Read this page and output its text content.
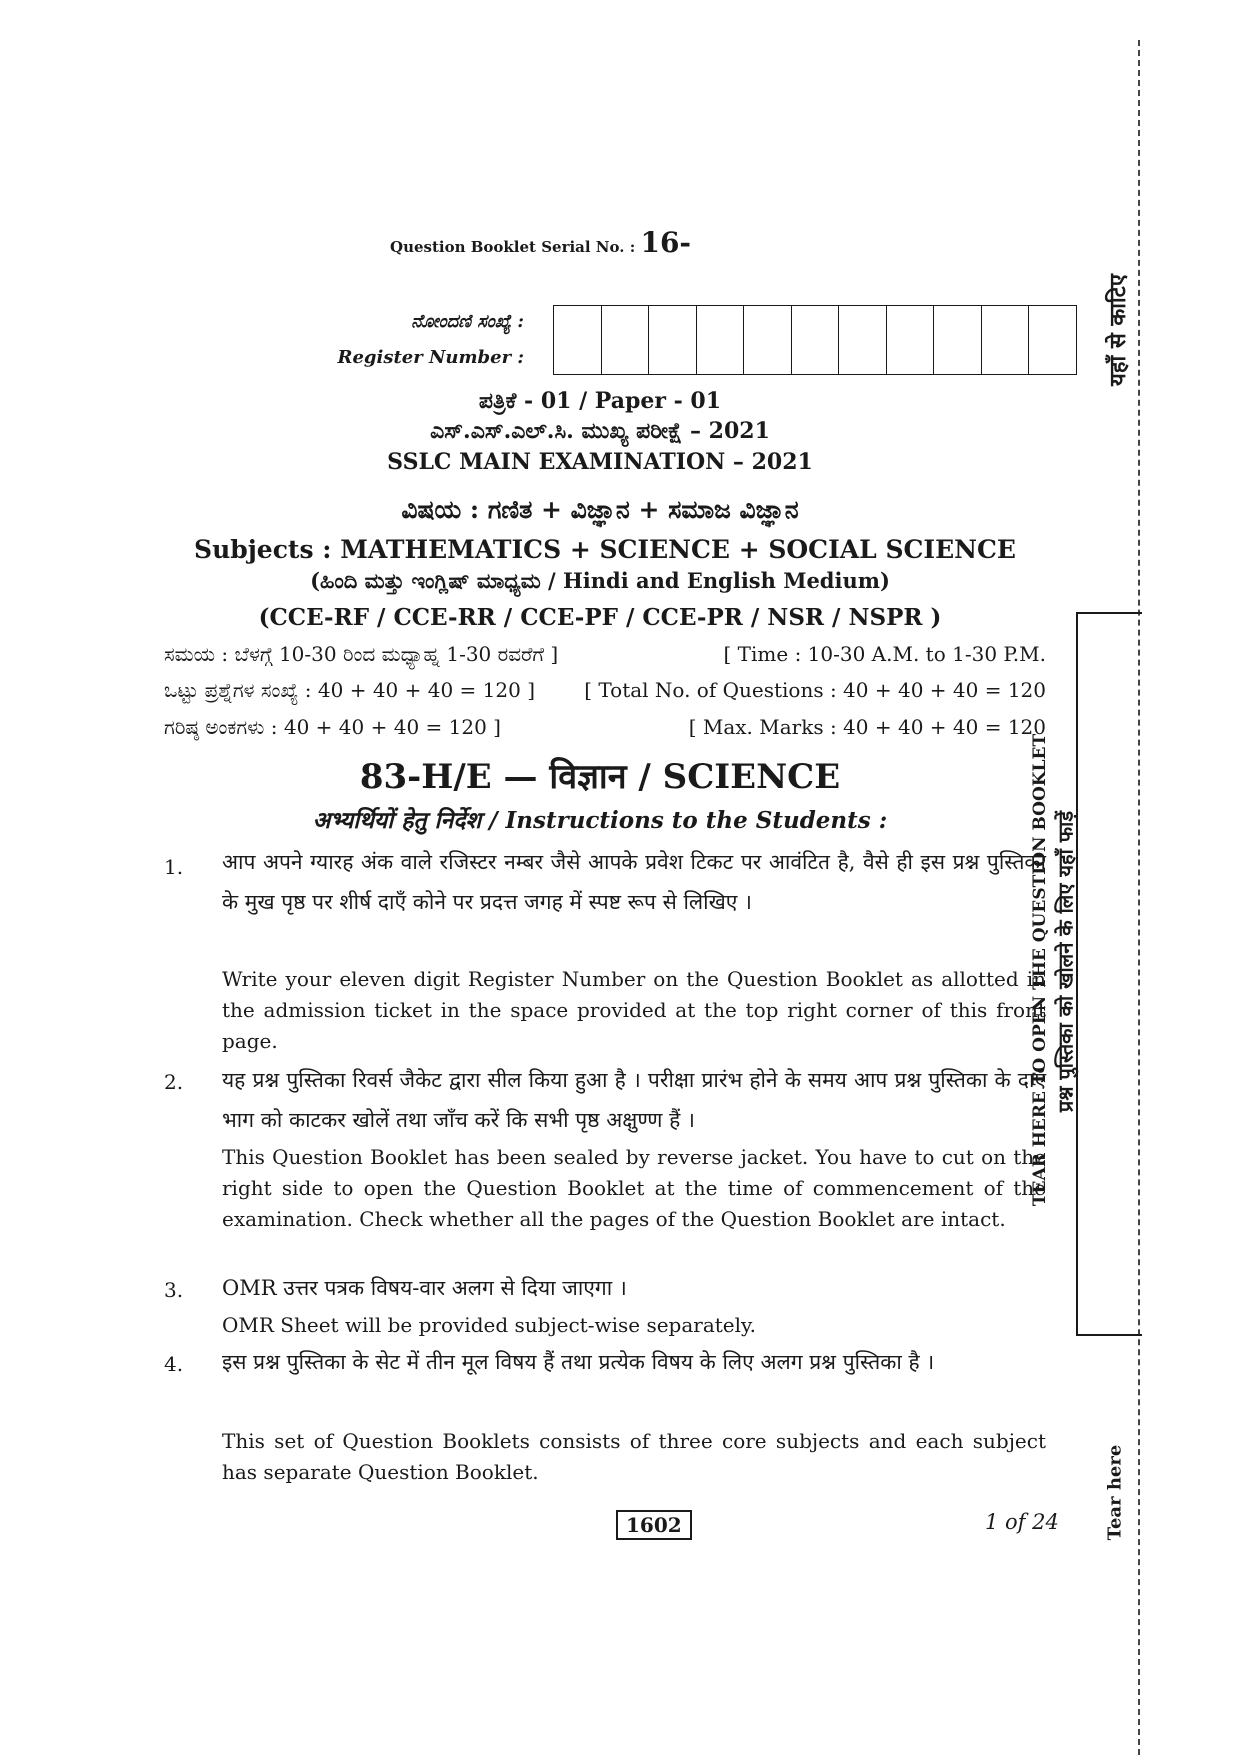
Question Booklet Serial No. : 16-
ನೋಂದಣಿ ಸಂಖ್ಯೆ :
Register Number :
ಪತ್ರಿಕೆ - 01 / Paper - 01
ಎಸ್.ಎಸ್.ಎಲ್.ಸಿ. ಮುಖ್ಯ ಪರೀಕ್ಷೆ – 2021
SSLC MAIN EXAMINATION – 2021
ವಿಷಯ : ಗಣಿತ + ವಿಜ್ಞಾನ + ಸಮಾಜ ವಿಜ್ಞಾನ
Subjects : MATHEMATICS + SCIENCE + SOCIAL SCIENCE
(ಹಿಂದಿ ಮತ್ತು ಇಂಗ್ಲಿಷ್ ಮಾಧ್ಯಮ / Hindi and English Medium)
(CCE-RF / CCE-RR / CCE-PF / CCE-PR / NSR / NSPR )
ಸಮಯ : ಬೆಳಗ್ಗೆ 10-30 ರಿಂದ ಮಧ್ಯಾಹ್ನ 1-30 ರವರೆಗೆ ]	[ Time : 10-30 A.M. to 1-30 P.M.
ಒಟ್ಟು ಪ್ರಶ್ನೆಗಳ ಸಂಖ್ಯೆ : 40 + 40 + 40 = 120 ] [ Total No. of Questions : 40 + 40 + 40 = 120
ಗರಿಷ್ಠ ಅಂಕಗಳು : 40 + 40 + 40 = 120 ]	[ Max. Marks : 40 + 40 + 40 = 120
83-H/E — विज्ञान / SCIENCE
अभ्यर्थियों हेतु निर्देश / Instructions to the Students :
1. आप अपने ग्यारह अंक वाले रजिस्टर नम्बर जैसे आपके प्रवेश टिकट पर आवंटित है, वैसे ही इस प्रश्न पुस्तिका के मुख पृष्ठ पर शीर्ष दाएँ कोने पर प्रदत्त जगह में स्पष्ट रूप से लिखिए ।
Write your eleven digit Register Number on the Question Booklet as allotted in the admission ticket in the space provided at the top right corner of this front page.
2. यह प्रश्न पुस्तिका रिवर्स जैकेट द्वारा सील किया हुआ है । परीक्षा प्रारंभ होने के समय आप प्रश्न पुस्तिका के दाएँ भाग को काटकर खोलें तथा जाँच करें कि सभी पृष्ठ अक्षुण्ण हैं ।
This Question Booklet has been sealed by reverse jacket. You have to cut on the right side to open the Question Booklet at the time of commencement of the examination. Check whether all the pages of the Question Booklet are intact.
3. OMR उत्तर पत्रक विषय-वार अलग से दिया जाएगा ।
OMR Sheet will be provided subject-wise separately.
4. इस प्रश्न पुस्तिका के सेट में तीन मूल विषय हैं तथा प्रत्येक विषय के लिए अलग प्रश्न पुस्तिका है ।
This set of Question Booklets consists of three core subjects and each subject has separate Question Booklet.
1602	1 of 24
यहाँ से काटिए
TEAR HERE TO OPEN THE QUESTION BOOKLET प्रश्न पुस्तिका को खोलने के लिए यहाँ फाड़ें
Tear here
